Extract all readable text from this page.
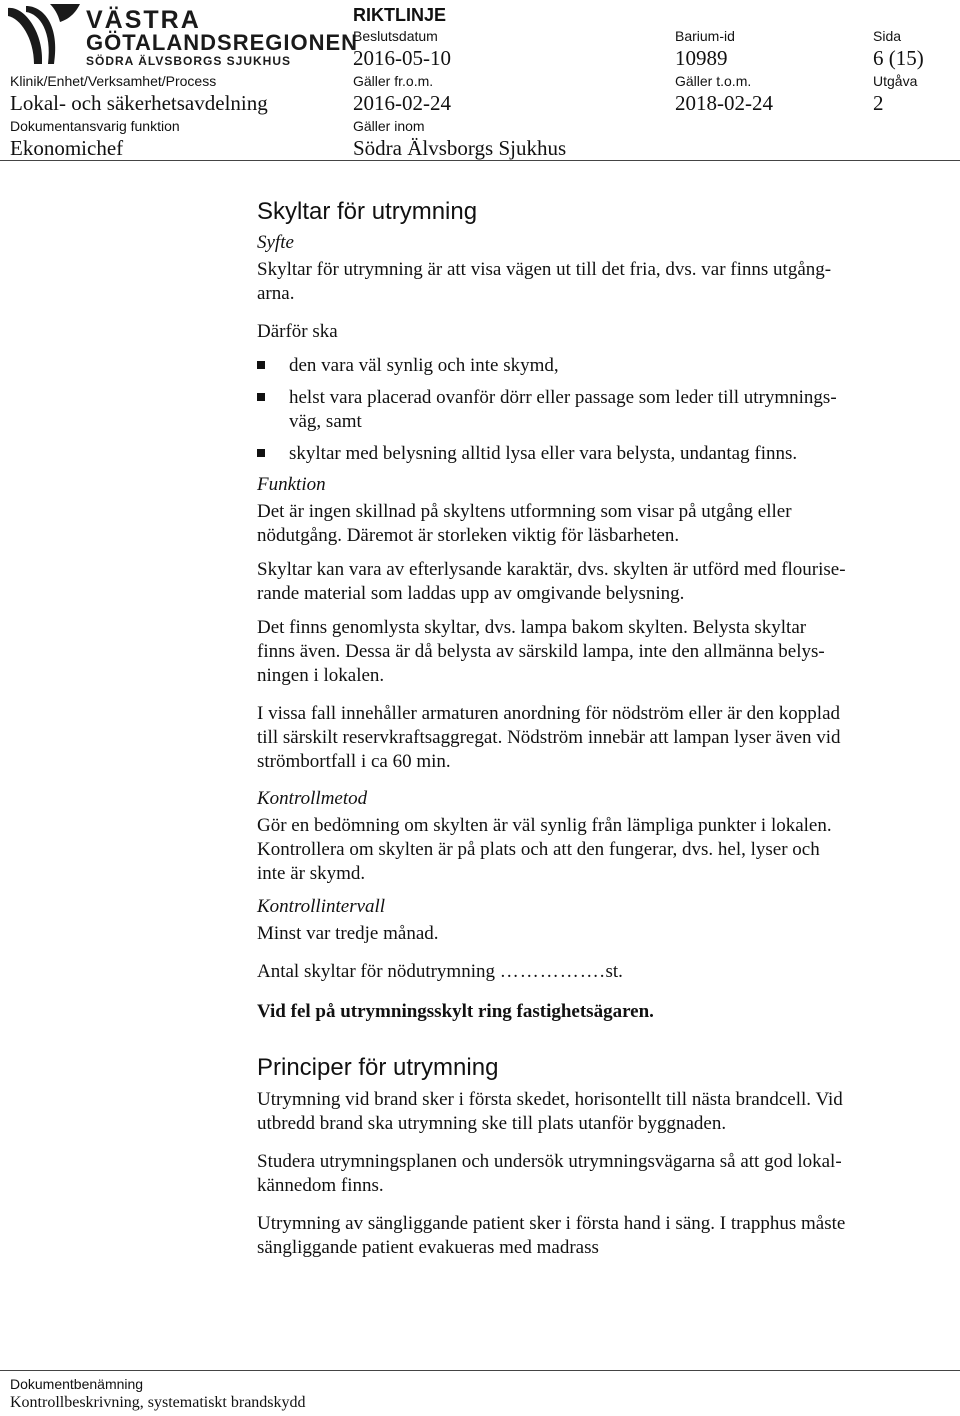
VÄSTRA
GÖTALANDSREGIONEN
SÖDRA ÄLVSBORGS SJUKHUS
Klinik/Enhet/Verksamhet/Process
Lokal- och säkerhetsavdelning
Dokumentansvarig funktion
Ekonomichef
RIKTLINJE
Beslutsdatum
2016-05-10
Gäller fr.o.m.
2016-02-24
Gäller inom
Södra Älvsborgs Sjukhus
Barium-id
10989
Gäller t.o.m.
2018-02-24
Sida
6 (15)
Utgåva
2
Skyltar för utrymning
Syfte

Skyltar för utrymning är att visa vägen ut till det fria, dvs. var finns utgång-
arna.

Därför ska

den vara väl synlig och inte skymd,
helst vara placerad ovanför dörr eller passage som leder till utrymnings-
väg, samt
skyltar med belysning alltid lysa eller vara belysta, undantag finns.
Funktion

Det är ingen skillnad på skyltens utformning som visar på utgång eller
nödutgång. Däremot är storleken viktig för läsbarheten.

Skyltar kan vara av efterlysande karaktär, dvs. skylten är utförd med flourise-
rande material som laddas upp av omgivande belysning.

Det finns genomlysta skyltar, dvs. lampa bakom skylten. Belysta skyltar
finns även. Dessa är då belysta av särskild lampa, inte den allmänna belys-
ningen i lokalen.

I vissa fall innehåller armaturen anordning för nödström eller är den kopplad
till särskilt reservkraftsaggregat. Nödström innebär att lampan lyser även vid
strömbortfall i ca 60 min.

Kontrollmetod

Gör en bedömning om skylten är väl synlig från lämpliga punkter i lokalen.
Kontrollera om skylten är på plats och att den fungerar, dvs. hel, lyser och
inte är skymd.

Kontrollintervall

Minst var tredje månad.

Antal skyltar för nödutrymning …………….st.

Vid fel på utrymningsskylt ring fastighetsägaren.

Principer för utrymning

Utrymning vid brand sker i första skedet, horisontellt till nästa brandcell. Vid
utbredd brand ska utrymning ske till plats utanför byggnaden.

Studera utrymningsplanen och undersök utrymningsvägarna så att god lokal-
kännedom finns.

Utrymning av sängliggande patient sker i första hand i säng. I trapphus måste
sängliggande patient evakueras med madrass

Dokumentbenämning
Kontrollbeskrivning, systematiskt brandskydd
